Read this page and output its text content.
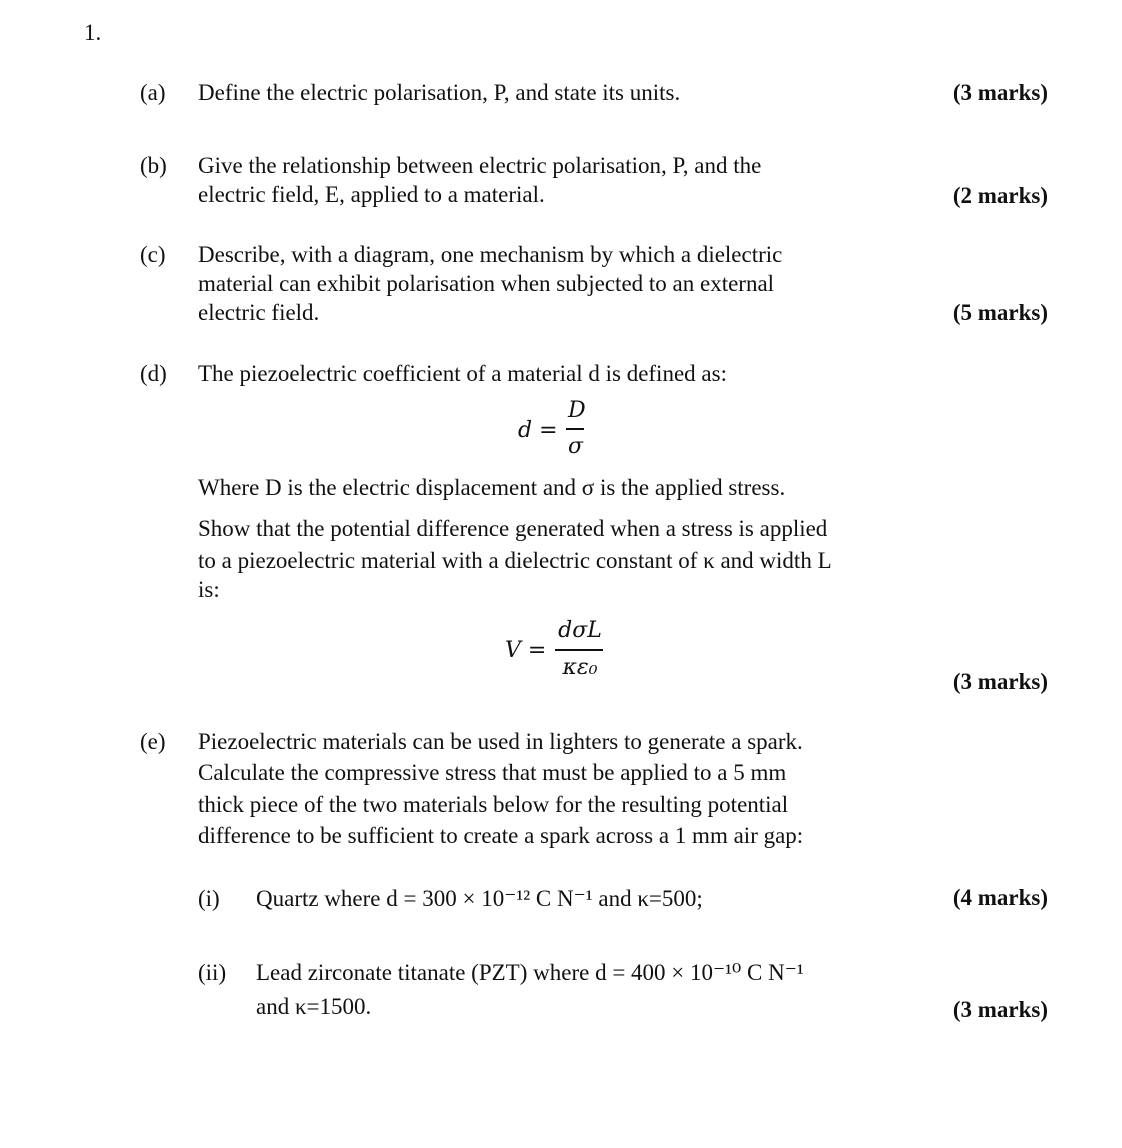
1.
(a) Define the electric polarisation, P, and state its units.	(3 marks)
(b) Give the relationship between electric polarisation, P, and the
electric field, E, applied to a material.	(2 marks)
(c) Describe, with a diagram, one mechanism by which a dielectric
material can exhibit polarisation when subjected to an external
electric field.	(5 marks)
(d) The piezoelectric coefficient of a material d is defined as:
d =
D
σ
Where D is the electric displacement and σ is the applied stress.
Show that the potential difference generated when a stress is applied
to a piezoelectric material with a dielectric constant of κ and width L
is:
V =
dσL
κε₀
(3 marks)
(e) Piezoelectric materials can be used in lighters to generate a spark.
Calculate the compressive stress that must be applied to a 5 mm
thick piece of the two materials below for the resulting potential
difference to be sufficient to create a spark across a 1 mm air gap:
(i) Quartz where d = 300 × 10⁻¹² C N⁻¹ and κ=500;	(4 marks)
(ii) Lead zirconate titanate (PZT) where d = 400 × 10⁻¹⁰ C N⁻¹
and κ=1500.	(3 marks)
